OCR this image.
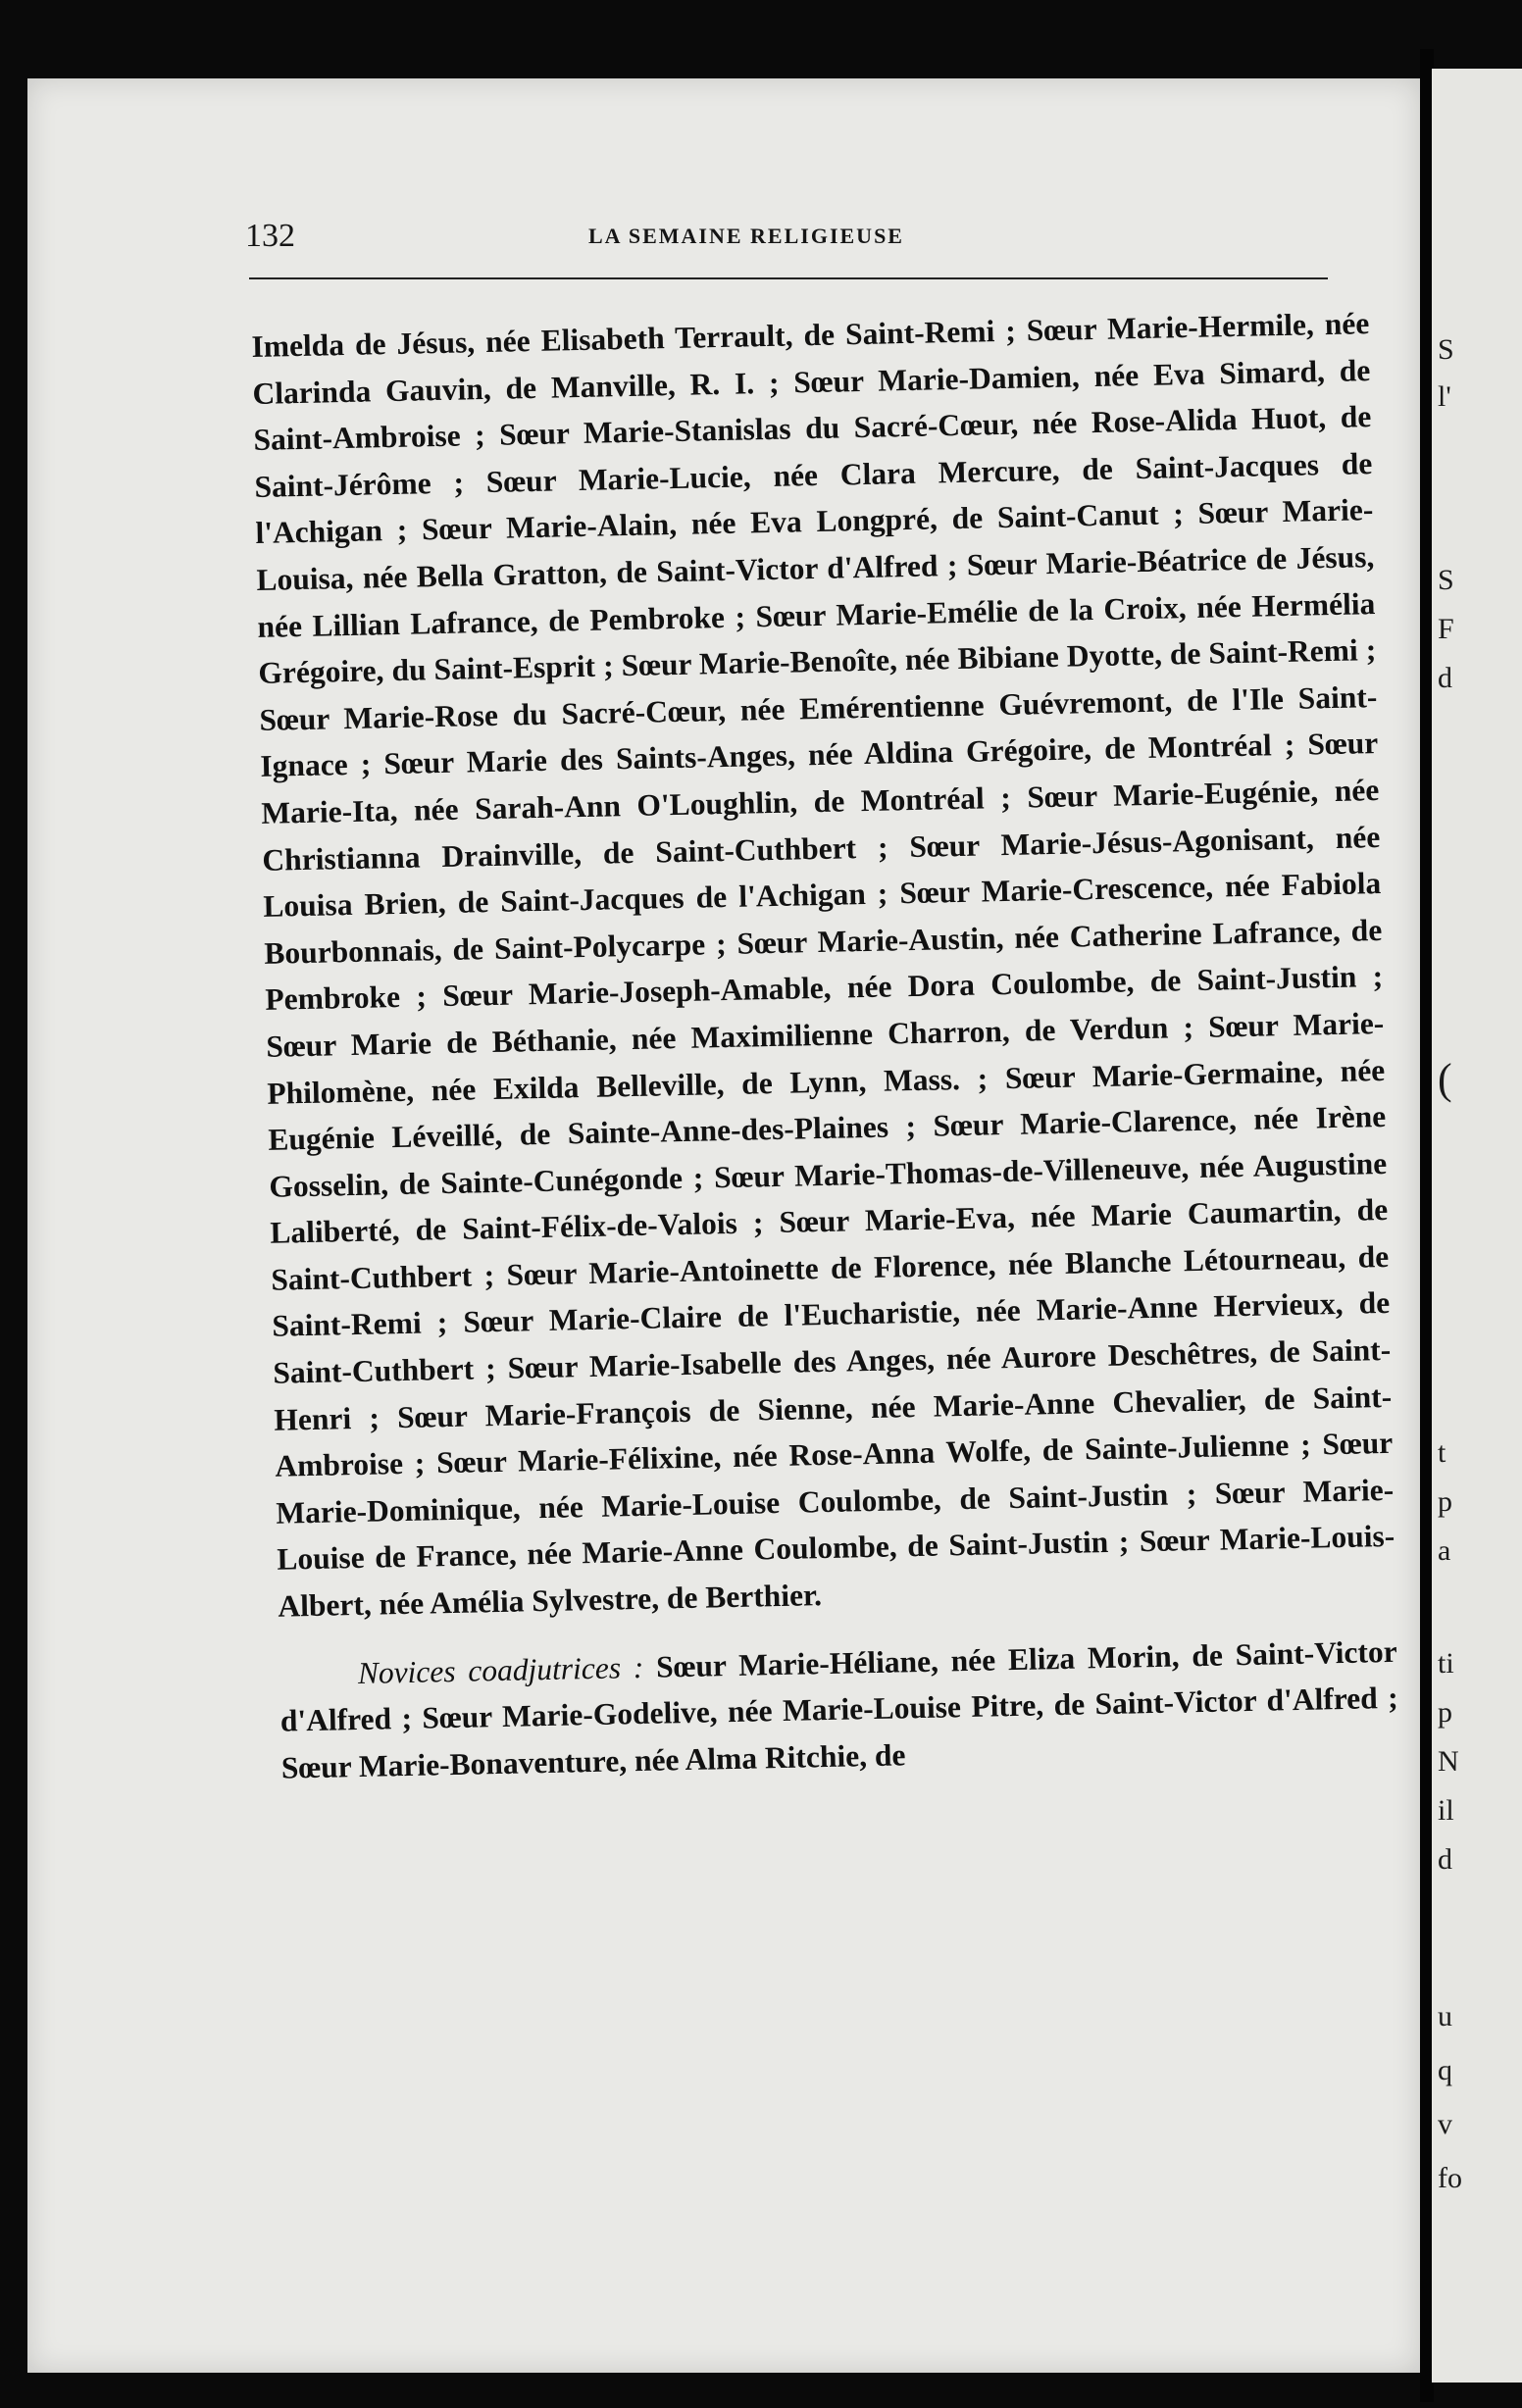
S
l'
S
F
d
(
t
p
a
ti
p
N
il
d
u
q
v
fo
132	LA SEMAINE RELIGIEUSE

Imelda de Jésus, née Elisabeth Terrault, de Saint-Remi ; Sœur Marie-Hermile, née Clarinda Gauvin, de Manville, R. I. ; Sœur Marie-Damien, née Eva Simard, de Saint-Ambroise ; Sœur Marie-Stanislas du Sacré-Cœur, née Rose-Alida Huot, de Saint-Jérôme ; Sœur Marie-Lucie, née Clara Mercure, de Saint-Jacques de l'Achigan ; Sœur Marie-Alain, née Eva Longpré, de Saint-Canut ; Sœur Marie-Louisa, née Bella Gratton, de Saint-Victor d'Alfred ; Sœur Marie-Béatrice de Jésus, née Lillian Lafrance, de Pembroke ; Sœur Marie-Emélie de la Croix, née Hermélia Grégoire, du Saint-Esprit ; Sœur Marie-Benoîte, née Bibiane Dyotte, de Saint-Remi ; Sœur Marie-Rose du Sacré-Cœur, née Emérentienne Guévremont, de l'Ile Saint-Ignace ; Sœur Marie des Saints-Anges, née Aldina Grégoire, de Montréal ; Sœur Marie-Ita, née Sarah-Ann O'Loughlin, de Montréal ; Sœur Marie-Eugénie, née Christianna Drainville, de Saint-Cuthbert ; Sœur Marie-Jésus-Agonisant, née Louisa Brien, de Saint-Jacques de l'Achigan ; Sœur Marie-Crescence, née Fabiola Bourbonnais, de Saint-Polycarpe ; Sœur Marie-Austin, née Catherine Lafrance, de Pembroke ; Sœur Marie-Joseph-Amable, née Dora Coulombe, de Saint-Justin ; Sœur Marie de Béthanie, née Maximilienne Charron, de Verdun ; Sœur Marie-Philomène, née Exilda Belleville, de Lynn, Mass. ; Sœur Marie-Germaine, née Eugénie Léveillé, de Sainte-Anne-des-Plaines ; Sœur Marie-Clarence, née Irène Gosselin, de Sainte-Cunégonde ; Sœur Marie-Thomas-de-Villeneuve, née Augustine Laliberté, de Saint-Félix-de-Valois ; Sœur Marie-Eva, née Marie Caumartin, de Saint-Cuthbert ; Sœur Marie-Antoinette de Florence, née Blanche Létourneau, de Saint-Remi ; Sœur Marie-Claire de l'Eucharistie, née Marie-Anne Hervieux, de Saint-Cuthbert ; Sœur Marie-Isabelle des Anges, née Aurore Deschêtres, de Saint-Henri ; Sœur Marie-François de Sienne, née Marie-Anne Chevalier, de Saint-Ambroise ; Sœur Marie-Félixine, née Rose-Anna Wolfe, de Sainte-Julienne ; Sœur Marie-Dominique, née Marie-Louise Coulombe, de Saint-Justin ; Sœur Marie-Louise de France, née Marie-Anne Coulombe, de Saint-Justin ; Sœur Marie-Louis-Albert, née Amélia Sylvestre, de Berthier.

Novices coadjutrices : Sœur Marie-Héliane, née Eliza Morin, de Saint-Victor d'Alfred ; Sœur Marie-Godelive, née Marie-Louise Pitre, de Saint-Victor d'Alfred ; Sœur Marie-Bonaventure, née Alma Ritchie, de
